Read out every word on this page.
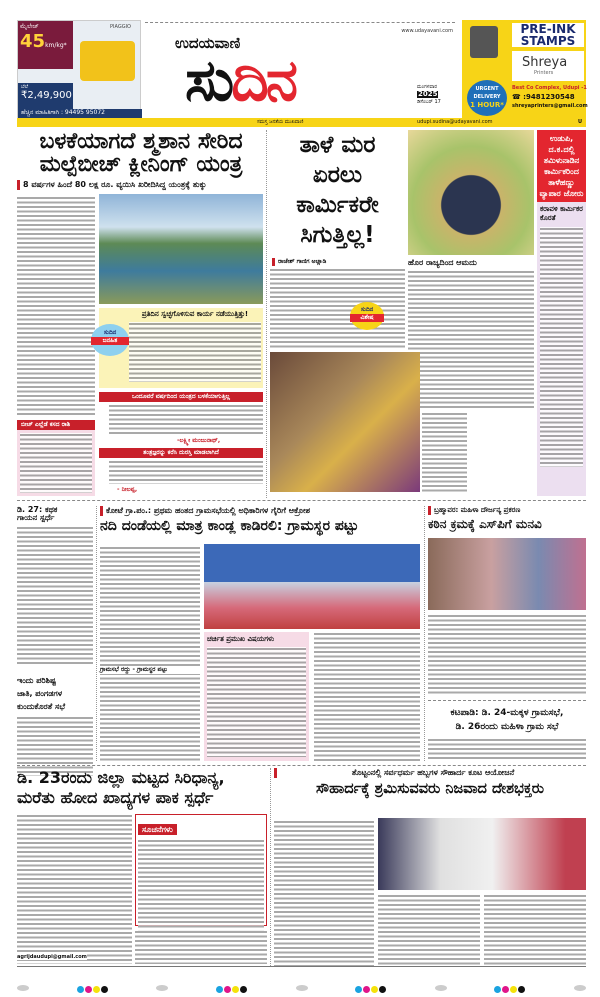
ಮೈಲೇಜ್
45km/kg*
PIAGGIO
ಬೆಲೆ
₹2,49,900
ಹೆಚ್ಚಿನ ಮಾಹಿತಿಗಾಗಿ : 94495 95072
www.udayavani.com
ಉದಯವಾಣಿ
ಸುದಿನ	ಮಂಗಳವಾರ
2025
ಡಿಸೆಂಬರ್ 17
PRE-INK
STAMPS
Shreya
Printers
URGENT
DELIVERY
1 HOUR*
Best Co Complex, Udupi -1
☎ :9481230548
shreyaprinters@gmail.com
ಸಮಸ್ತ ಜನತೆಯ ಮುಖವಾಣಿ	udupi.sudina@udayavani.com	U
ಬಳಕೆಯಾಗದೆ ಶ್ಮಶಾನ ಸೇರಿದ
ಮಲ್ಪೆಬೀಚ್ ಕ್ಲೀನಿಂಗ್ ಯಂತ್ರ
8 ವರ್ಷಗಳ ಹಿಂದೆ 80 ಲಕ್ಷ ರೂ. ವ್ಯಯಿಸಿ ಖರೀದಿಸಿದ್ದ ಯಂತ್ರಕ್ಕೆ ತುಕ್ಕು
ಪ್ರತಿದಿನ ಸ್ವಚ್ಛಗೊಳಿಸುವ ಕಾರ್ಯ ನಡೆಯುತ್ತಿತ್ತು!
ಸುದಿನ
ಜನಹಿತ
ಒಂದೂವರೆ ವರ್ಷದಿಂದ ಯಂತ್ರದ ಬಳಕೆಯಾಗುತ್ತಿಲ್ಲ
-ಲಕ್ಷ್ಮೀ ಮಂಜುನಾಥ್,
ತಂತ್ರಜ್ಞರನ್ನು ಕರೆಸಿ ದುರಸ್ತಿ ಮಾಡಲಾಗಿದೆ
- ನೀಲಪ್ಪ,
ಬೀಚ್ ಎಲ್ಲೆಡೆ ಕಸದ ರಾಶಿ
ತಾಳೆ ಮರ
ಏರಲು
ಕಾರ್ಮಿಕರೇ
ಸಿಗುತ್ತಿಲ್ಲ!
ರಾಜೇಶ್ ಗಾಣಿಗ ಅಚ್ಲಾಡಿ	ಹೊರ ರಾಜ್ಯದಿಂದ ಆಮದು
ಸುದಿನ
ವಿಶೇಷ
ಉಡುಪಿ, ದ.ಕ.ದಲ್ಲಿ ತಮಿಳುನಾಡಿನ ಕಾರ್ಮಿಕರಿಂದ ತಾಳೆಹಣ್ಣು ವ್ಯಾಪಾರ ಜೋರು
ಕರಾವಳಿ ಕಾರ್ಮಿಕರ ಕೊರತೆ
ಡಿ. 27: ಕಥಕ
ಗಾಯನ ಸ್ಪರ್ಧೆ
ಇಂದು ಪರಿಶಿಷ್ಟ
ಜಾತಿ, ಪಂಗಡಗಳ
ಕುಂದುಕೊರತೆ ಸಭೆ
ಕೋಟೆ ಗ್ರಾ.ಪಂ.: ಪ್ರಥಮ ಹಂತದ ಗ್ರಾಮಸಭೆಯಲ್ಲಿ ಅಧಿಕಾರಿಗಳ ಗೈರಿಗೆ ಆಕ್ರೋಶ
ನದಿ ದಂಡೆಯಲ್ಲಿ ಮಾತ್ರ ಕಾಂಡ್ಲ ಕಾಡಿರಲಿ: ಗ್ರಾಮಸ್ಥರ ಪಟ್ಟು
ಚರ್ಚಿತ ಪ್ರಮುಖ ವಿಷಯಗಳು
ಗ್ರಾಮಸಭೆ ರದ್ದು - ಗ್ರಾಮಸ್ಥರ ಪಟ್ಟು
ಬ್ರಹ್ಮಾವರ: ಮಹಿಳಾ ದೌರ್ಜನ್ಯ ಪ್ರಕರಣ
ಕಠಿನ ಕ್ರಮಕ್ಕೆ ಎಸ್‌ಪಿಗೆ ಮನವಿ
ಕಟಪಾಡಿ: ಡಿ. 24-ಮಕ್ಕಳ ಗ್ರಾಮಸಭೆ,
ಡಿ. 26ರಂದು ಮಹಿಳಾ ಗ್ರಾಮ ಸಭೆ
ಡಿ. 23ರಂದು ಜಿಲ್ಲಾ ಮಟ್ಟದ ಸಿರಿಧಾನ್ಯ,
ಮರೆತು ಹೋದ ಖಾದ್ಯಗಳ ಪಾಕ ಸ್ಪರ್ಧೆ
ಸೂಚನೆಗಳು
agrijdaudupi@gmail.com
ತೊಟ್ಟಂನಲ್ಲಿ ಸರ್ವಧರ್ಮ ಹಬ್ಬಗಳ ಸೌಹಾರ್ದ ಕೂಟ ಆಯೋಜನೆ
ಸೌಹಾರ್ದಕ್ಕೆ ಶ್ರಮಿಸುವವರು ನಿಜವಾದ ದೇಶಭಕ್ತರು
